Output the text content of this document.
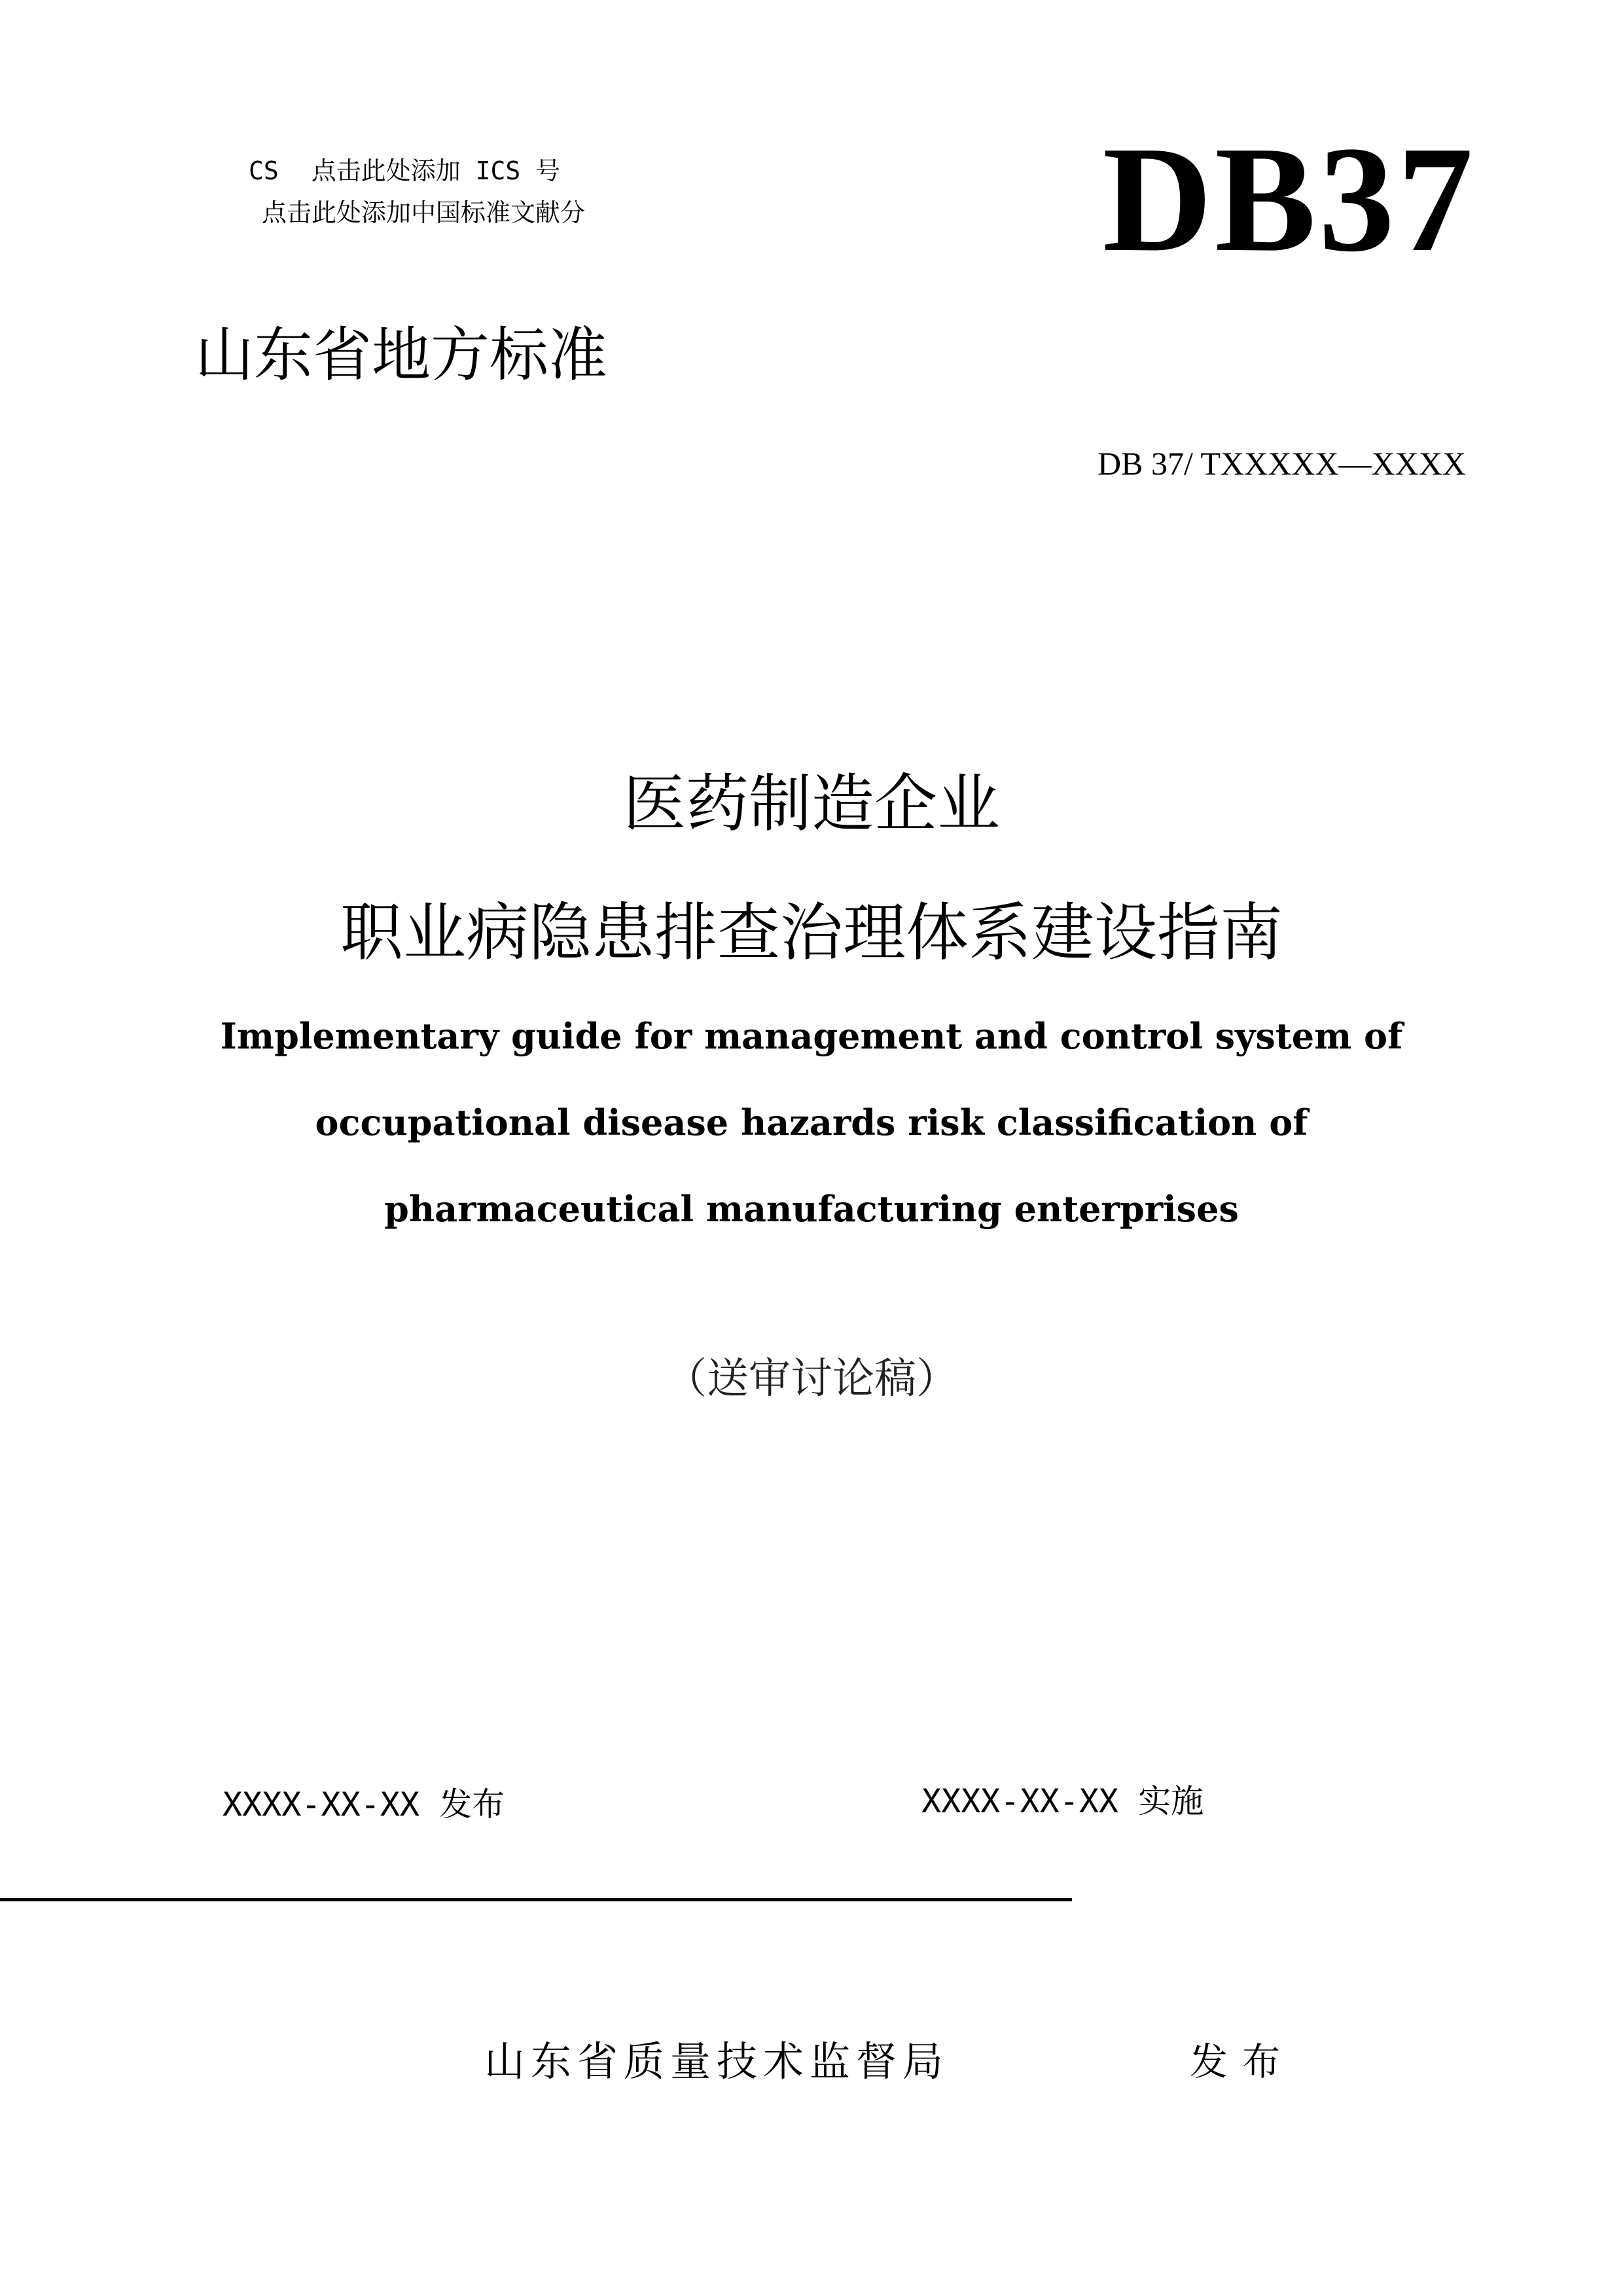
CS 点击此处添加 ICS 号
点击此处添加中国标准文献分	DB37
山东省地方标准
DB 37/ TXXXXX—XXXX
医药制造企业
职业病隐患排查治理体系建设指南
Implementary guide for management and control system of
occupational disease hazards risk classification of
pharmaceutical manufacturing enterprises
（送审讨论稿）
XXXX-XX-XX 发布	XXXX-XX-XX 实施
山东省质量技术监督局	发布
